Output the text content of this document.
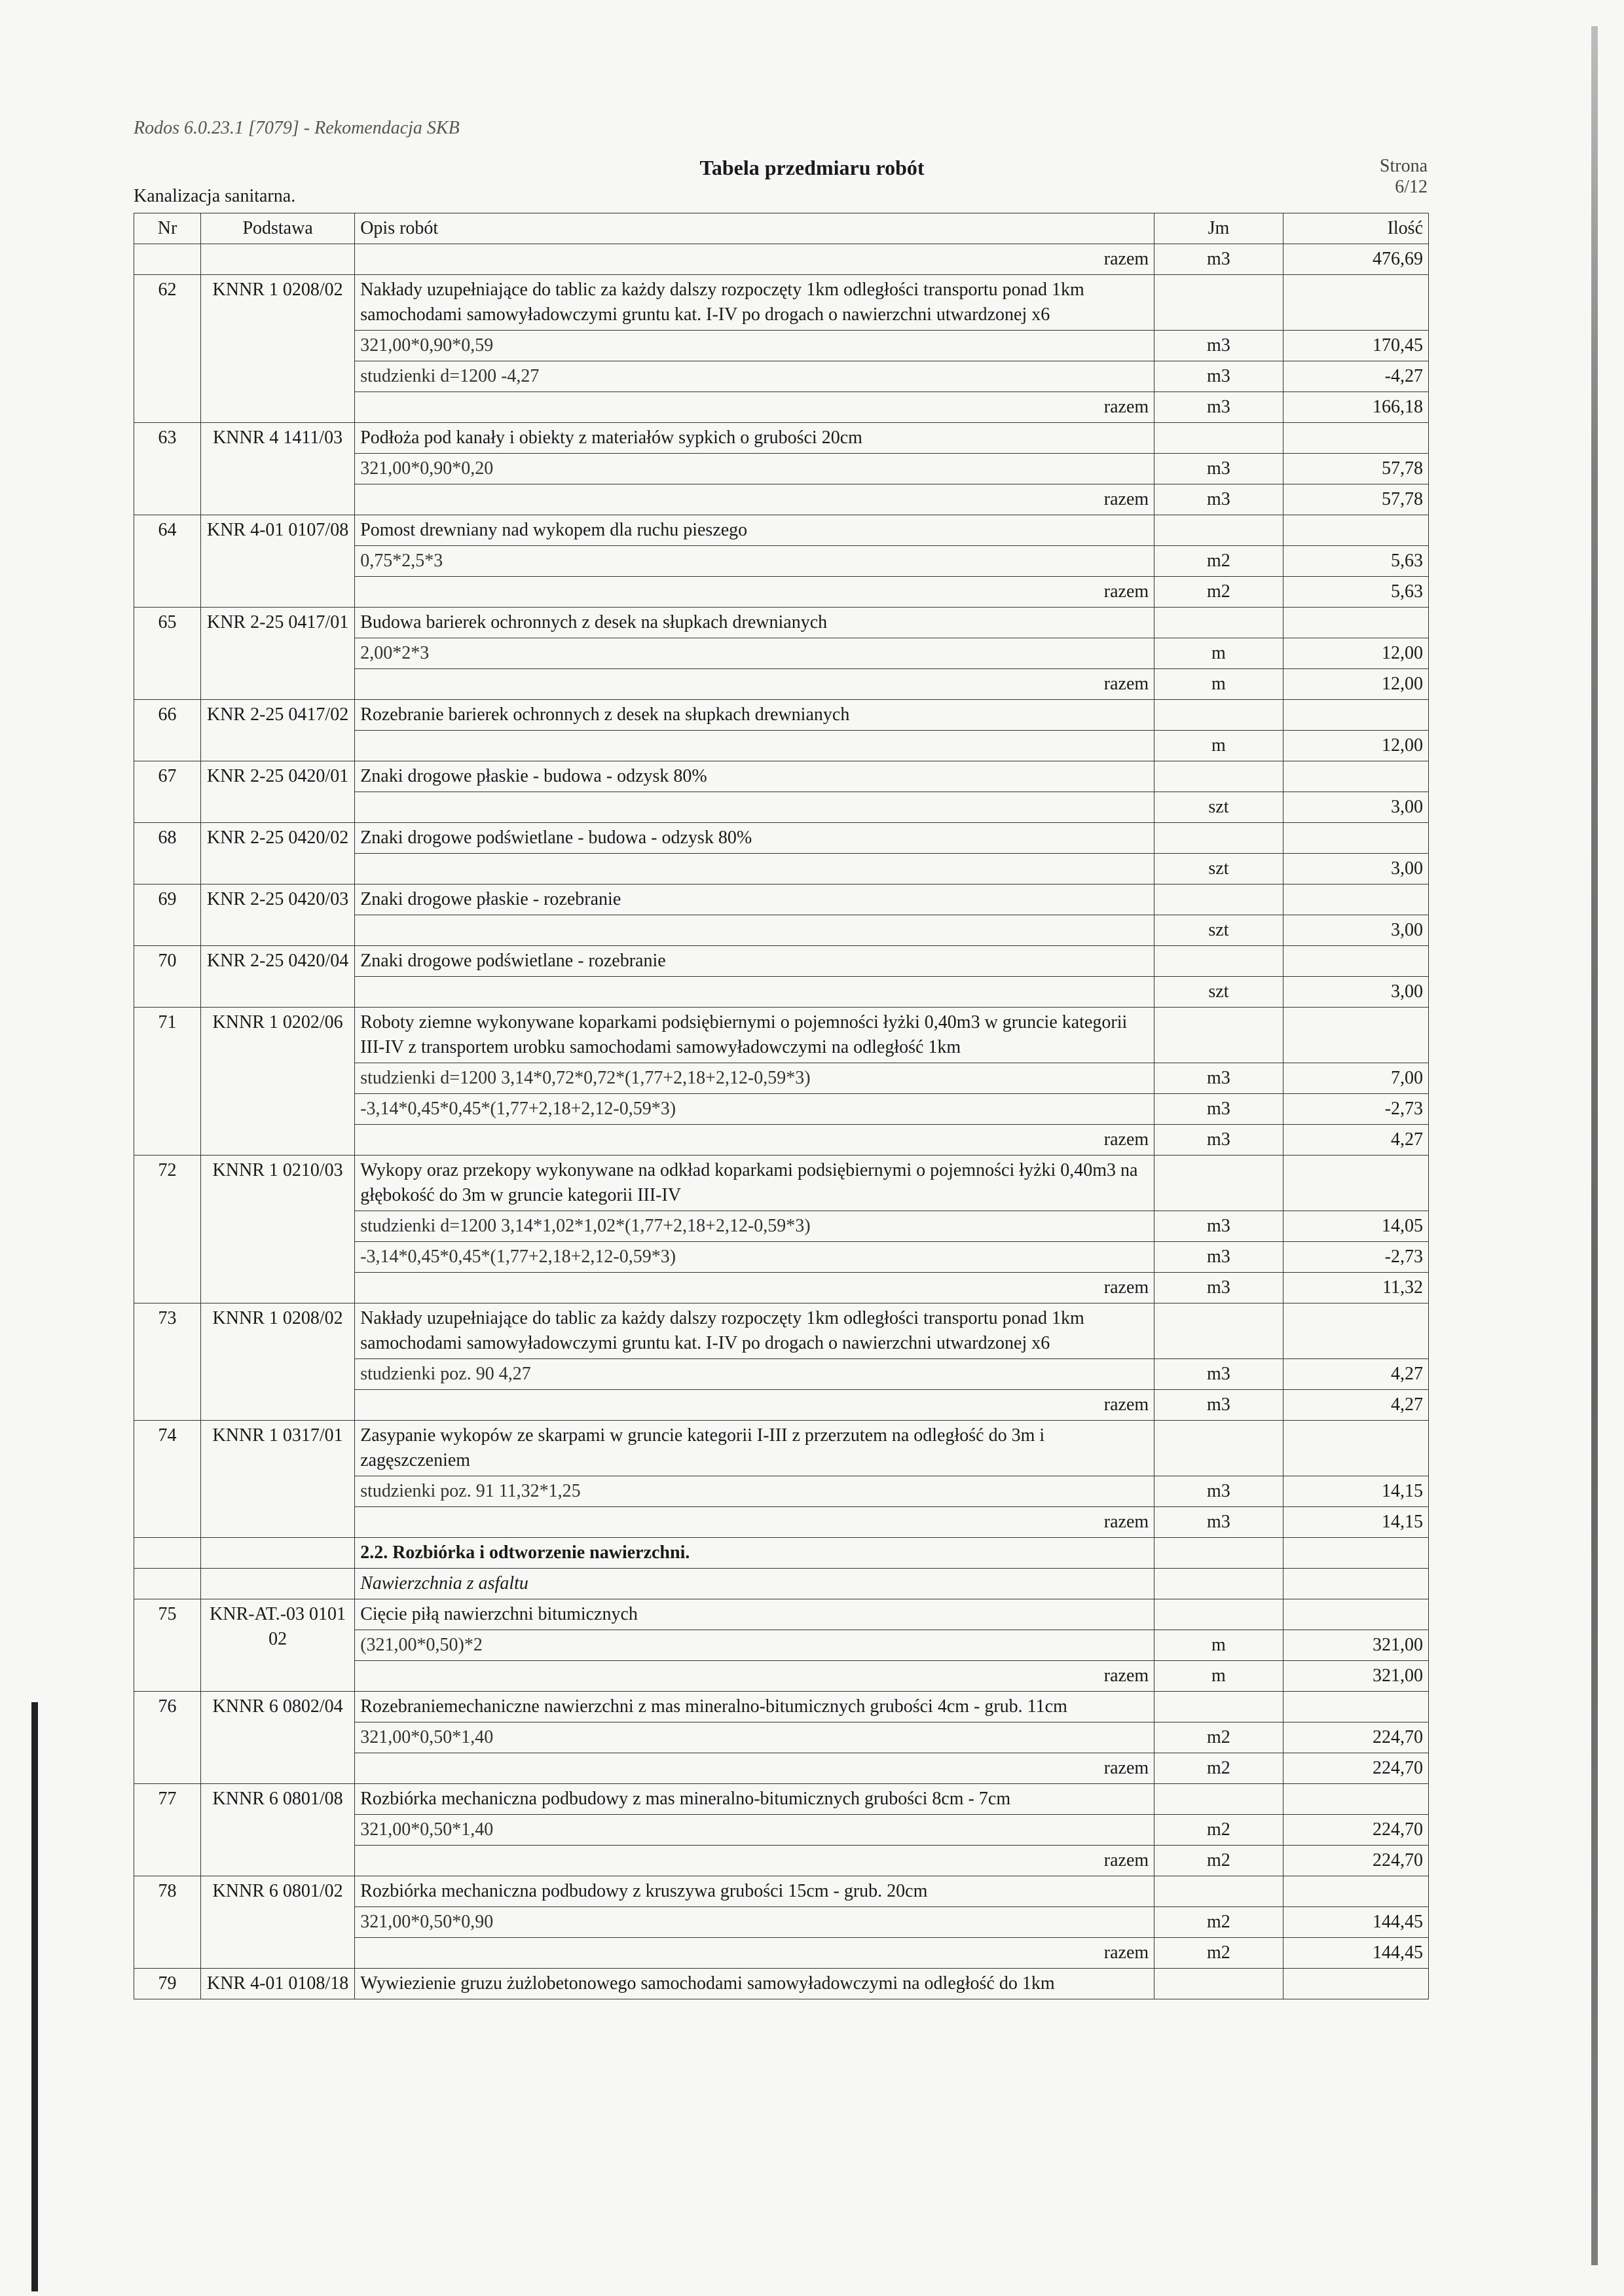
Rodos 6.0.23.1 [7079] - Rekomendacja SKB
Tabela przedmiaru robót	Strona 6/12
Kanalizacja sanitarna.
Nr	Podstawa	Opis robót	Jm	Ilość
		razem	m3	476,69
62	KNNR 1 0208/02	Nakłady uzupełniające do tablic za każdy dalszy rozpoczęty 1km odległości transportu ponad 1km samochodami samowyładowczymi gruntu kat. I-IV po drogach o nawierzchni utwardzonej x6		
		321,00*0,90*0,59	m3	170,45
		studzienki d=1200 -4,27	m3	-4,27
		razem	m3	166,18
63	KNNR 4 1411/03	Podłoża pod kanały i obiekty z materiałów sypkich o grubości 20cm		
		321,00*0,90*0,20	m3	57,78
		razem	m3	57,78
64	KNR 4-01 0107/08	Pomost drewniany nad wykopem dla ruchu pieszego		
		0,75*2,5*3	m2	5,63
		razem	m2	5,63
65	KNR 2-25 0417/01	Budowa barierek ochronnych z desek na słupkach drewnianych		
		2,00*2*3	m	12,00
		razem	m	12,00
66	KNR 2-25 0417/02	Rozebranie barierek ochronnych z desek na słupkach drewnianych		
			m	12,00
67	KNR 2-25 0420/01	Znaki drogowe płaskie - budowa - odzysk 80%		
			szt	3,00
68	KNR 2-25 0420/02	Znaki drogowe podświetlane - budowa - odzysk 80%		
			szt	3,00
69	KNR 2-25 0420/03	Znaki drogowe płaskie - rozebranie		
			szt	3,00
70	KNR 2-25 0420/04	Znaki drogowe podświetlane - rozebranie		
			szt	3,00
71	KNNR 1 0202/06	Roboty ziemne wykonywane koparkami podsiębiernymi o pojemności łyżki 0,40m3 w gruncie kategorii III-IV z transportem urobku samochodami samowyładowczymi na odległość 1km		
		studzienki d=1200 3,14*0,72*0,72*(1,77+2,18+2,12-0,59*3)	m3	7,00
		-3,14*0,45*0,45*(1,77+2,18+2,12-0,59*3)	m3	-2,73
		razem	m3	4,27
72	KNNR 1 0210/03	Wykopy oraz przekopy wykonywane na odkład koparkami podsiębiernymi o pojemności łyżki 0,40m3 na głębokość do 3m w gruncie kategorii III-IV		
		studzienki d=1200 3,14*1,02*1,02*(1,77+2,18+2,12-0,59*3)	m3	14,05
		-3,14*0,45*0,45*(1,77+2,18+2,12-0,59*3)	m3	-2,73
		razem	m3	11,32
73	KNNR 1 0208/02	Nakłady uzupełniające do tablic za każdy dalszy rozpoczęty 1km odległości transportu ponad 1km samochodami samowyładowczymi gruntu kat. I-IV po drogach o nawierzchni utwardzonej x6		
		studzienki poz. 90 4,27	m3	4,27
		razem	m3	4,27
74	KNNR 1 0317/01	Zasypanie wykopów ze skarpami w gruncie kategorii I-III z przerzutem na odległość do 3m i zagęszczeniem		
		studzienki poz. 91 11,32*1,25	m3	14,15
		razem	m3	14,15
		2.2. Rozbiórka i odtworzenie nawierzchni.		
		Nawierzchnia z asfaltu		
75	KNR-AT.-03 0101 02	Cięcie piłą nawierzchni bitumicznych		
		(321,00*0,50)*2	m	321,00
		razem	m	321,00
76	KNNR 6 0802/04	Rozebraniemechaniczne nawierzchni z mas mineralno-bitumicznych grubości 4cm - grub. 11cm		
		321,00*0,50*1,40	m2	224,70
		razem	m2	224,70
77	KNNR 6 0801/08	Rozbiórka mechaniczna podbudowy z mas mineralno-bitumicznych grubości 8cm - 7cm		
		321,00*0,50*1,40	m2	224,70
		razem	m2	224,70
78	KNNR 6 0801/02	Rozbiórka mechaniczna podbudowy z kruszywa grubości 15cm - grub. 20cm		
		321,00*0,50*0,90	m2	144,45
		razem	m2	144,45
79	KNR 4-01 0108/18	Wywiezienie gruzu żużlobetonowego samochodami samowyładowczymi na odległość do 1km		
